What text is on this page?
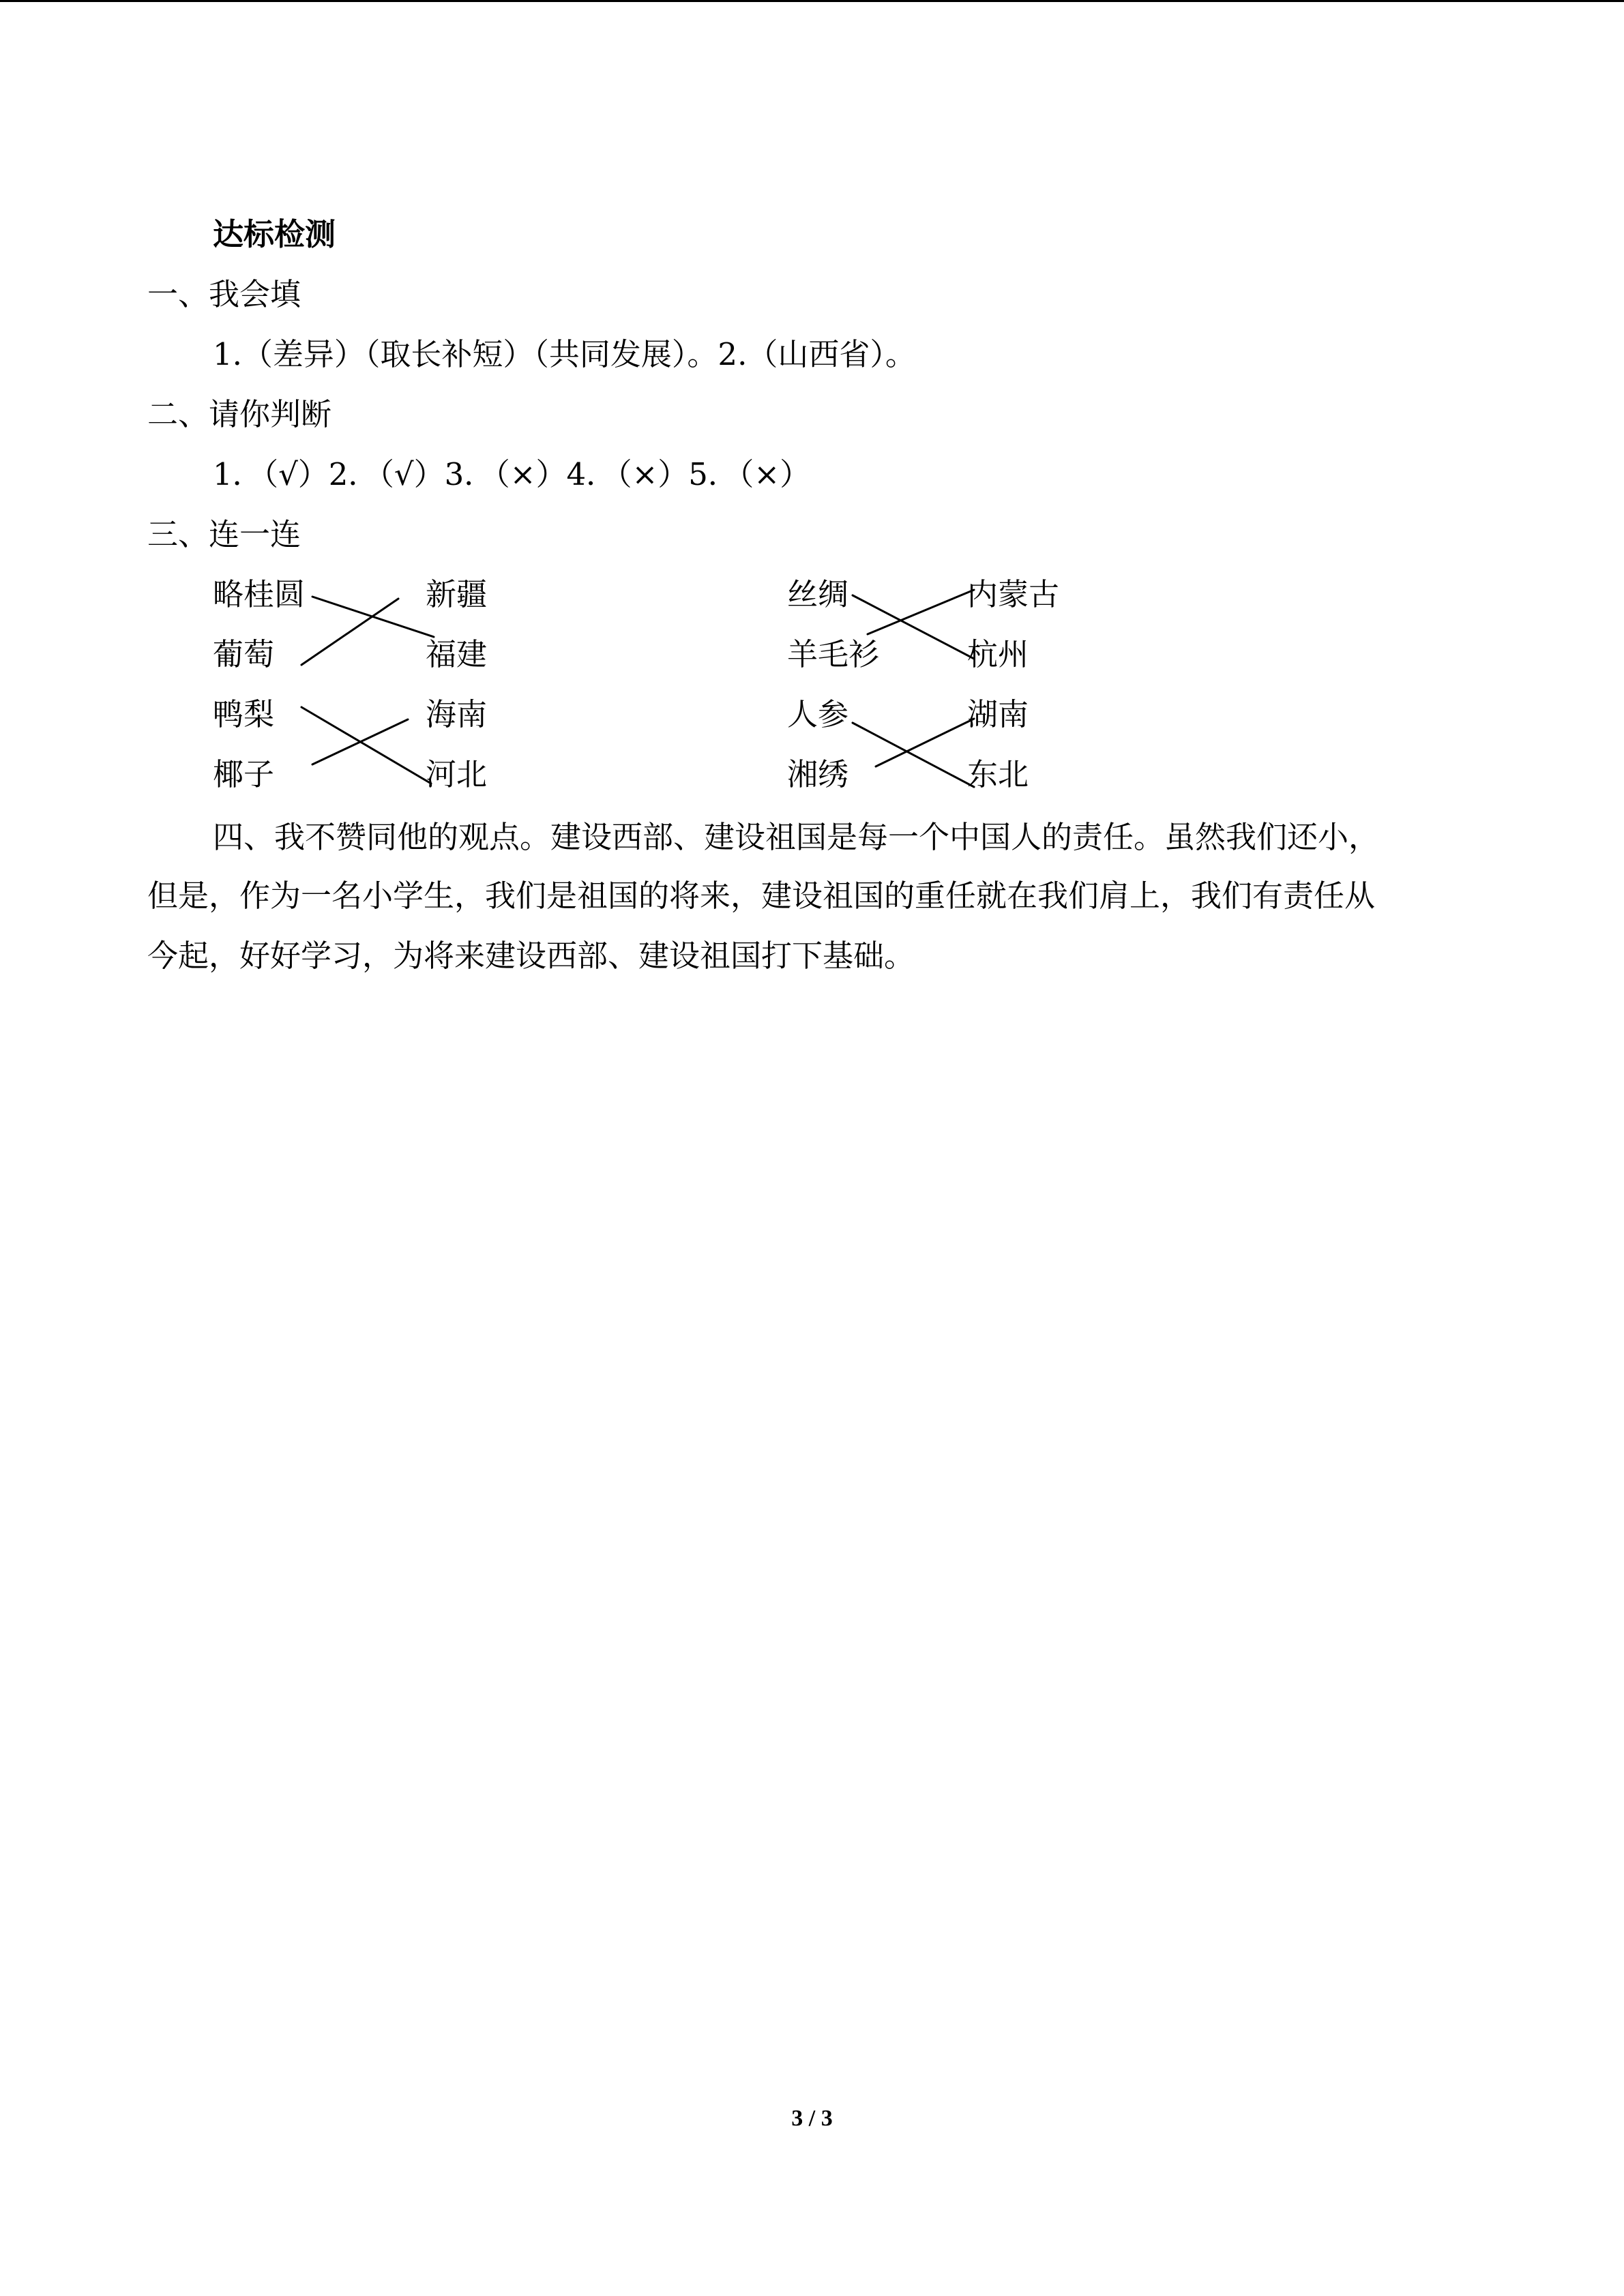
达标检测

一、我会填

1.（差异）（取长补短）（共同发展）。2.（山西省）。

二、请你判断

1．（√）2．（√）3．（×）4．（×）5．（×）

三、连一连

略桂圆

葡萄

鸭梨

椰子

新疆

福建

海南

河北

丝绸

羊毛衫

人参

湘绣

内蒙古

杭州

湖南

东北

四、我不赞同他的观点。建设西部、建设祖国是每一个中国人的责任。虽然我们还小，

但是，作为一名小学生，我们是祖国的将来，建设祖国的重任就在我们肩上，我们有责任从

今起，好好学习，为将来建设西部、建设祖国打下基础。

3 / 3
